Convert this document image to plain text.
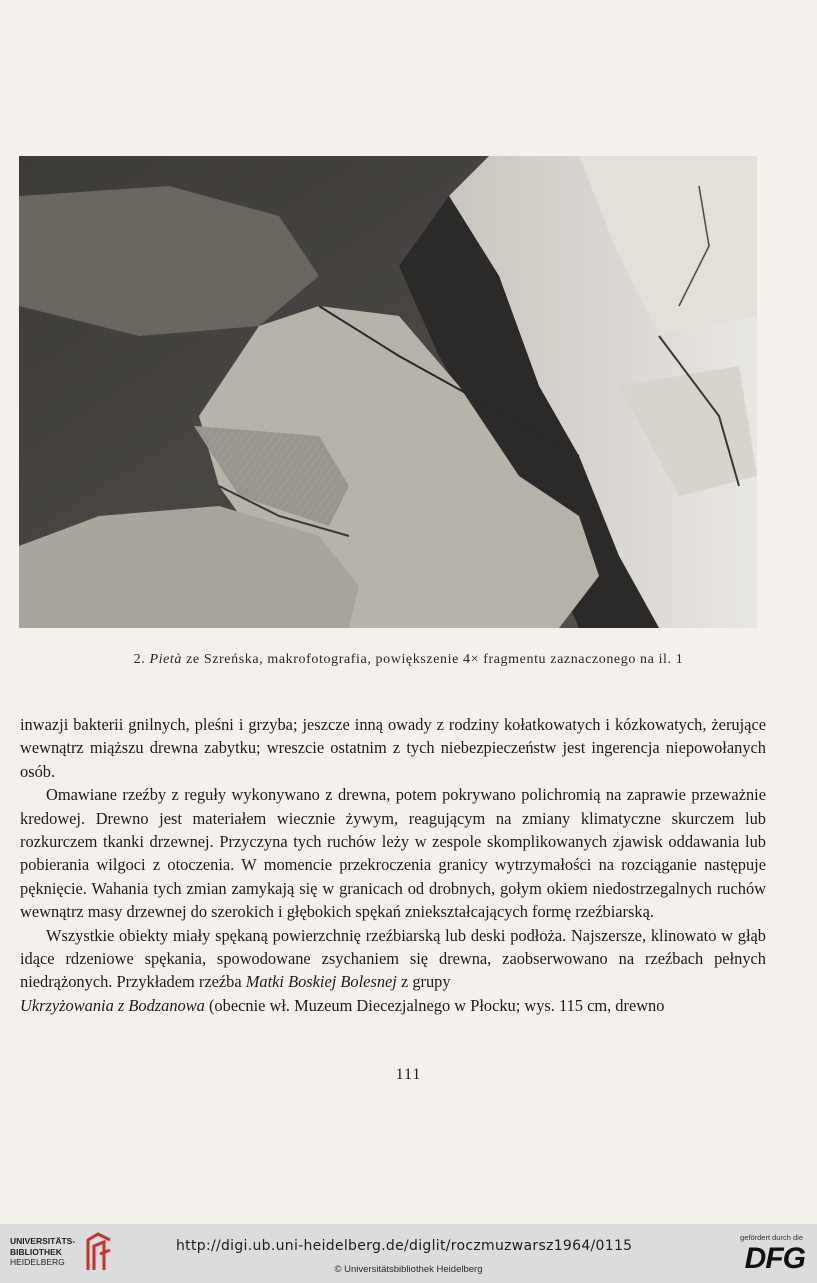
2. Pietà ze Szreńska, makrofotografia, powiększenie 4× fragmentu zaznaczonego na il. 1

inwazji bakterii gnilnych, pleśni i grzyba; jeszcze inną owady z rodziny kołatkowatych i kózkowatych, żerujące wewnątrz miąższu drewna zabytku; wreszcie ostatnim z tych niebezpieczeństw jest ingerencja niepowołanych osób.

Omawiane rzeźby z reguły wykonywano z drewna, potem pokrywano polichromią na zaprawie przeważnie kredowej. Drewno jest materiałem wiecznie żywym, reagującym na zmiany klimatyczne skurczem lub rozkurczem tkanki drzewnej. Przyczyna tych ruchów leży w zespole skomplikowanych zjawisk oddawania lub pobierania wilgoci z otoczenia. W momencie przekroczenia granicy wytrzymałości na rozciąganie następuje pęknięcie. Wahania tych zmian zamykają się w granicach od drobnych, gołym okiem niedostrzegalnych ruchów wewnątrz masy drzewnej do szerokich i głębokich spękań zniekształcających formę rzeźbiarską.

Wszystkie obiekty miały spękaną powierzchnię rzeźbiarską lub deski podłoża. Najszersze, klinowato w głąb idące rdzeniowe spękania, spowodowane zsychaniem się drewna, zaobserwowano na rzeźbach pełnych niedrążonych. Przykładem rzeźba Matki Boskiej Bolesnej z grupy
Ukrzyżowania z Bodzanowa (obecnie wł. Muzeum Diecezjalnego w Płocku; wys. 115 cm, drewno

111
UNIVERSITÄTS-
BIBLIOTHEK
HEIDELBERG
http://digi.ub.uni-heidelberg.de/diglit/roczmuzwarsz1964/0115
© Universitätsbibliothek Heidelberg
gefördert durch die
DFG
